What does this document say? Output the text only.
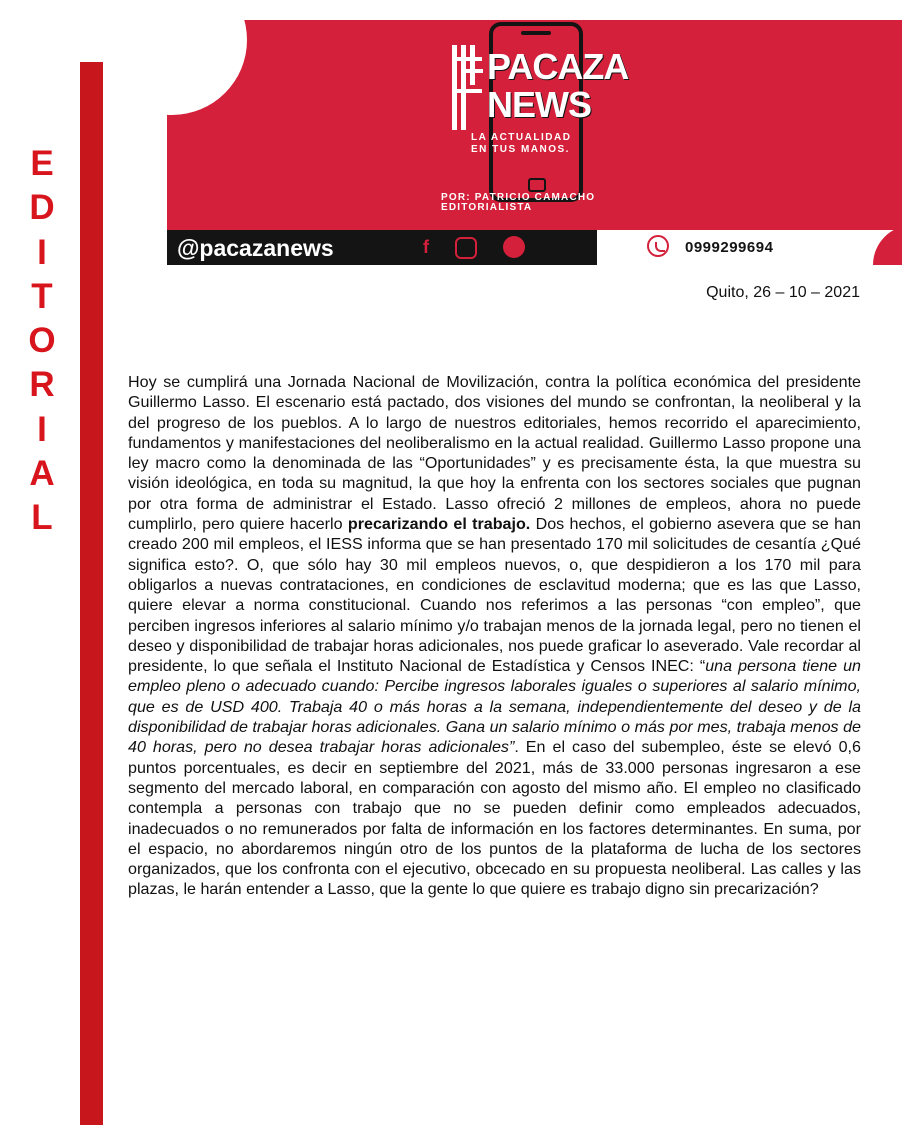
E
D
I
T
O
R
I
A
L
PACAZA
NEWS
LA ACTUALIDAD
EN TUS MANOS.
POR: PATRICIO CAMACHO
EDITORIALISTA
@pacazanews	f	0999299694
Quito, 26 – 10 – 2021
Hoy se cumplirá una Jornada Nacional de Movilización, contra la política económica del presidente Guillermo Lasso. El escenario está pactado, dos visiones del mundo se confrontan, la neoliberal y la del progreso de los pueblos. A lo largo de nuestros editoriales, hemos recorrido el aparecimiento, fundamentos y manifestaciones del neoliberalismo en la actual realidad. Guillermo Lasso propone una ley macro como la denominada de las “Oportunidades” y es precisamente ésta, la que muestra su visión ideológica, en toda su magnitud, la que hoy la enfrenta con los sectores sociales que pugnan por otra forma de administrar el Estado. Lasso ofreció 2 millones de empleos, ahora no puede cumplirlo, pero quiere hacerlo precarizando el trabajo. Dos hechos, el gobierno asevera que se han creado 200 mil empleos, el IESS informa que se han presentado 170 mil solicitudes de cesantía ¿Qué significa esto?. O, que sólo hay 30 mil empleos nuevos, o, que despidieron a los 170 mil para obligarlos a nuevas contrataciones, en condiciones de esclavitud moderna; que es las que Lasso, quiere elevar a norma constitucional. Cuando nos referimos a las personas “con empleo”, que perciben ingresos inferiores al salario mínimo y/o trabajan menos de la jornada legal, pero no tienen el deseo y disponibilidad de trabajar horas adicionales, nos puede graficar lo aseverado. Vale recordar al presidente, lo que señala el Instituto Nacional de Estadística y Censos INEC: “una persona tiene un empleo pleno o adecuado cuando: Percibe ingresos laborales iguales o superiores al salario mínimo, que es de USD 400. Trabaja 40 o más horas a la semana, independientemente del deseo y de la disponibilidad de trabajar horas adicionales. Gana un salario mínimo o más por mes, trabaja menos de 40 horas, pero no desea trabajar horas adicionales”. En el caso del subempleo, éste se elevó 0,6 puntos porcentuales, es decir en septiembre del 2021, más de 33.000 personas ingresaron a ese segmento del mercado laboral, en comparación con agosto del mismo año. El empleo no clasificado contempla a personas con trabajo que no se pueden definir como empleados adecuados, inadecuados o no remunerados por falta de información en los factores determinantes. En suma, por el espacio, no abordaremos ningún otro de los puntos de la plataforma de lucha de los sectores organizados, que los confronta con el ejecutivo, obcecado en su propuesta neoliberal. Las calles y las plazas, le harán entender a Lasso, que la gente lo que quiere es trabajo digno sin precarización?
